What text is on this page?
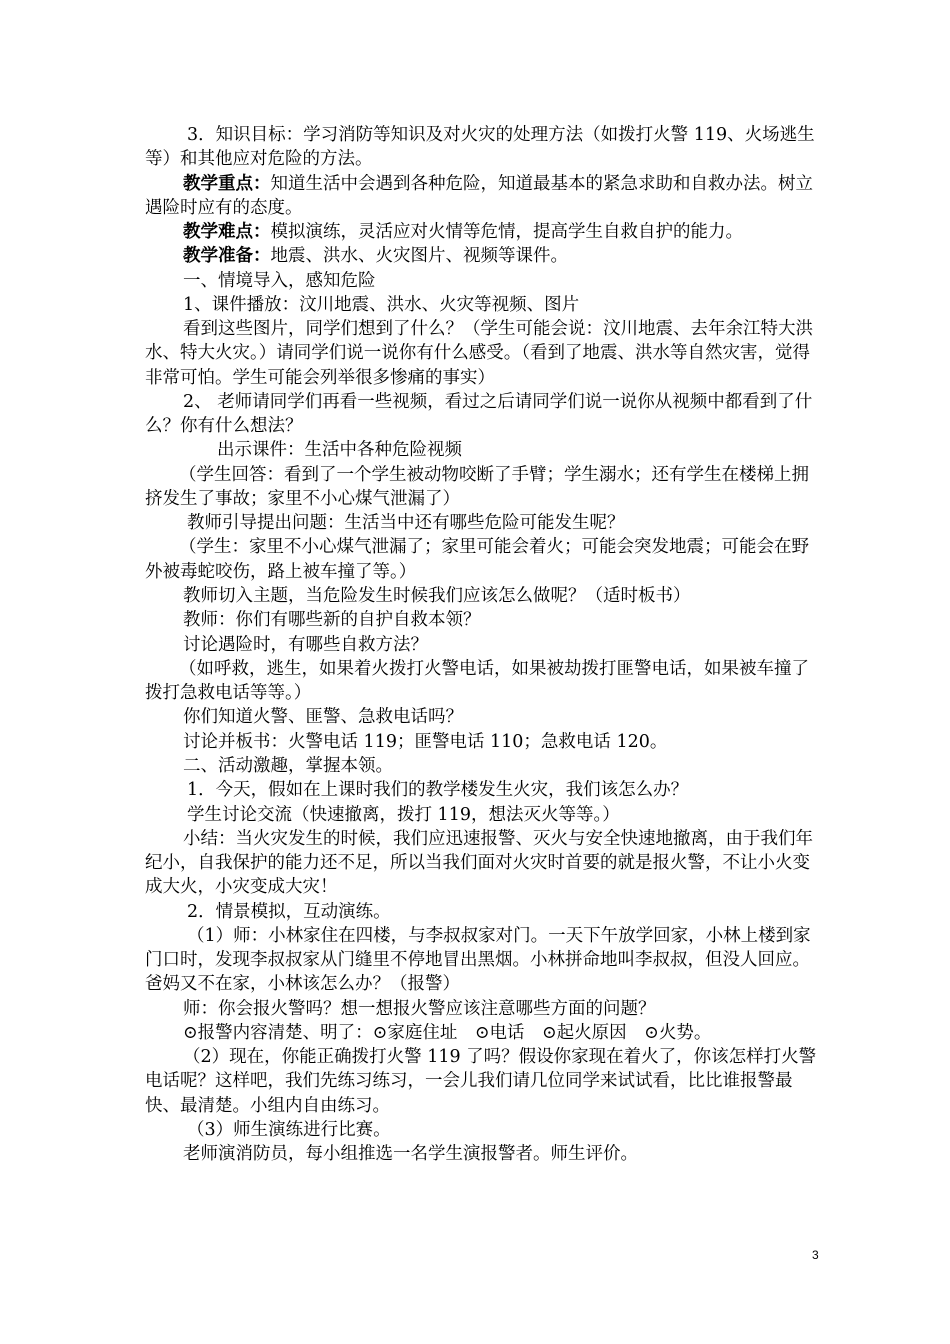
3．知识目标：学习消防等知识及对火灾的处理方法（如拨打火警 119、火场逃生等）和其他应对危险的方法。

教学重点：知道生活中会遇到各种危险，知道最基本的紧急求助和自救办法。树立遇险时应有的态度。

教学难点：模拟演练，灵活应对火情等危情，提高学生自救自护的能力。

教学准备：地震、洪水、火灾图片、视频等课件。

一、情境导入，感知危险

1、课件播放：汶川地震、洪水、火灾等视频、图片

看到这些图片，同学们想到了什么？（学生可能会说：汶川地震、去年余江特大洪水、特大火灾。）请同学们说一说你有什么感受。（看到了地震、洪水等自然灾害，觉得非常可怕。学生可能会列举很多惨痛的事实）

2、 老师请同学们再看一些视频，看过之后请同学们说一说你从视频中都看到了什么？你有什么想法？

出示课件：生活中各种危险视频

（学生回答：看到了一个学生被动物咬断了手臂；学生溺水；还有学生在楼梯上拥挤发生了事故；家里不小心煤气泄漏了）

教师引导提出问题：生活当中还有哪些危险可能发生呢？

（学生：家里不小心煤气泄漏了；家里可能会着火；可能会突发地震；可能会在野外被毒蛇咬伤，路上被车撞了等。）

教师切入主题，当危险发生时候我们应该怎么做呢？（适时板书）

教师：你们有哪些新的自护自救本领？

讨论遇险时，有哪些自救方法？

（如呼救，逃生，如果着火拨打火警电话，如果被劫拨打匪警电话，如果被车撞了拨打急救电话等等。）

你们知道火警、匪警、急救电话吗？

讨论并板书：火警电话 119；匪警电话 110；急救电话 120。

二、活动激趣，掌握本领。

1．今天，假如在上课时我们的教学楼发生火灾，我们该怎么办？

学生讨论交流（快速撤离，拨打 119，想法灭火等等。）

小结：当火灾发生的时候，我们应迅速报警、灭火与安全快速地撤离，由于我们年纪小，自我保护的能力还不足，所以当我们面对火灾时首要的就是报火警，不让小火变成大火，小灾变成大灾！

2．情景模拟，互动演练。

（1）师：小林家住在四楼，与李叔叔家对门。一天下午放学回家，小林上楼到家门口时，发现李叔叔家从门缝里不停地冒出黑烟。小林拼命地叫李叔叔，但没人回应。爸妈又不在家，小林该怎么办？（报警）

师：你会报火警吗？想一想报火警应该注意哪些方面的问题？

⊙报警内容清楚、明了：⊙家庭住址　⊙电话　⊙起火原因　⊙火势。

（2）现在，你能正确拨打火警 119 了吗？假设你家现在着火了，你该怎样打火警电话呢？这样吧，我们先练习练习，一会儿我们请几位同学来试试看，比比谁报警最快、最清楚。小组内自由练习。

（3）师生演练进行比赛。

老师演消防员，每小组推选一名学生演报警者。师生评价。

3
